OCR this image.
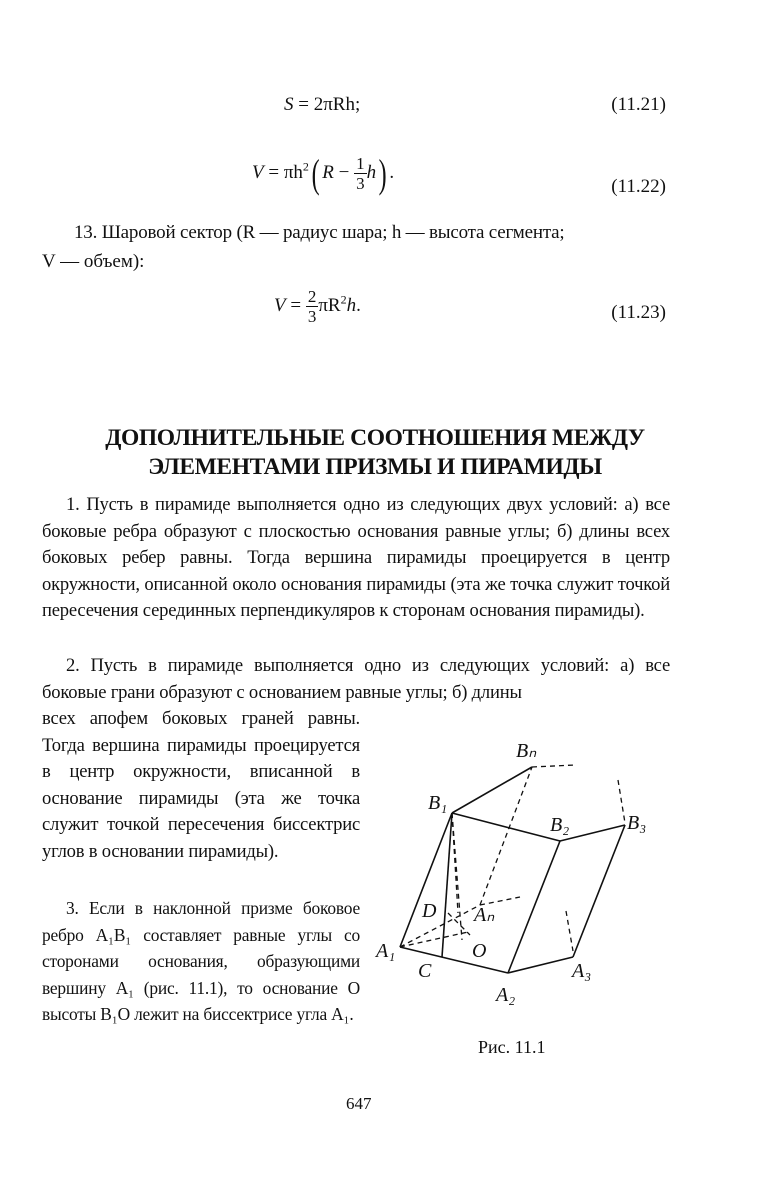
S = 2πRh;	(11.21)
$V = \pi h^2$( $R - \frac{1}{3} h$) .
(11.22)
13. Шаровой сектор (R — радиус шара; h — высота сегмента;
V — объем):
$V = \frac{2}{3} \pi R^2h$.	(11.23)
ДОПОЛНИТЕЛЬНЫЕ СООТНОШЕНИЯ МЕЖДУ
ЭЛЕМЕНТАМИ ПРИЗМЫ И ПИРАМИДЫ

1. Пусть в пирамиде выполняется одно из следующих двух условий: а) все боковые ребра образуют с плоскостью основания равные углы; б) длины всех боковых ребер равны. Тогда вершина пирамиды проецируется в центр окружности, описанной около основания пирамиды (эта же точка служит точкой пересечения серединных перпендикуляров к сторонам основания пирамиды).

2. Пусть в пирамиде выполняется одно из следующих условий: а) все боковые грани образуют с основанием равные углы; б) длины

всех апофем боковых граней равны. Тогда вершина пирамиды проецируется в центр окружности, вписанной в основание пирамиды (эта же точка служит точкой пересечения биссектрис углов в основании пирамиды).

3. Если в наклонной призме боковое ребро A₁B₁ составляет равные углы со сторонами основания, образующими вершину A₁ (рис. 11.1), то основание O высоты B₁O лежит на биссектрисе угла A₁.

Bₙ
B₁
B₂	B₃
D Aₙ
O
A₁
C	A₃
A₂
Рис. 11.1
647
